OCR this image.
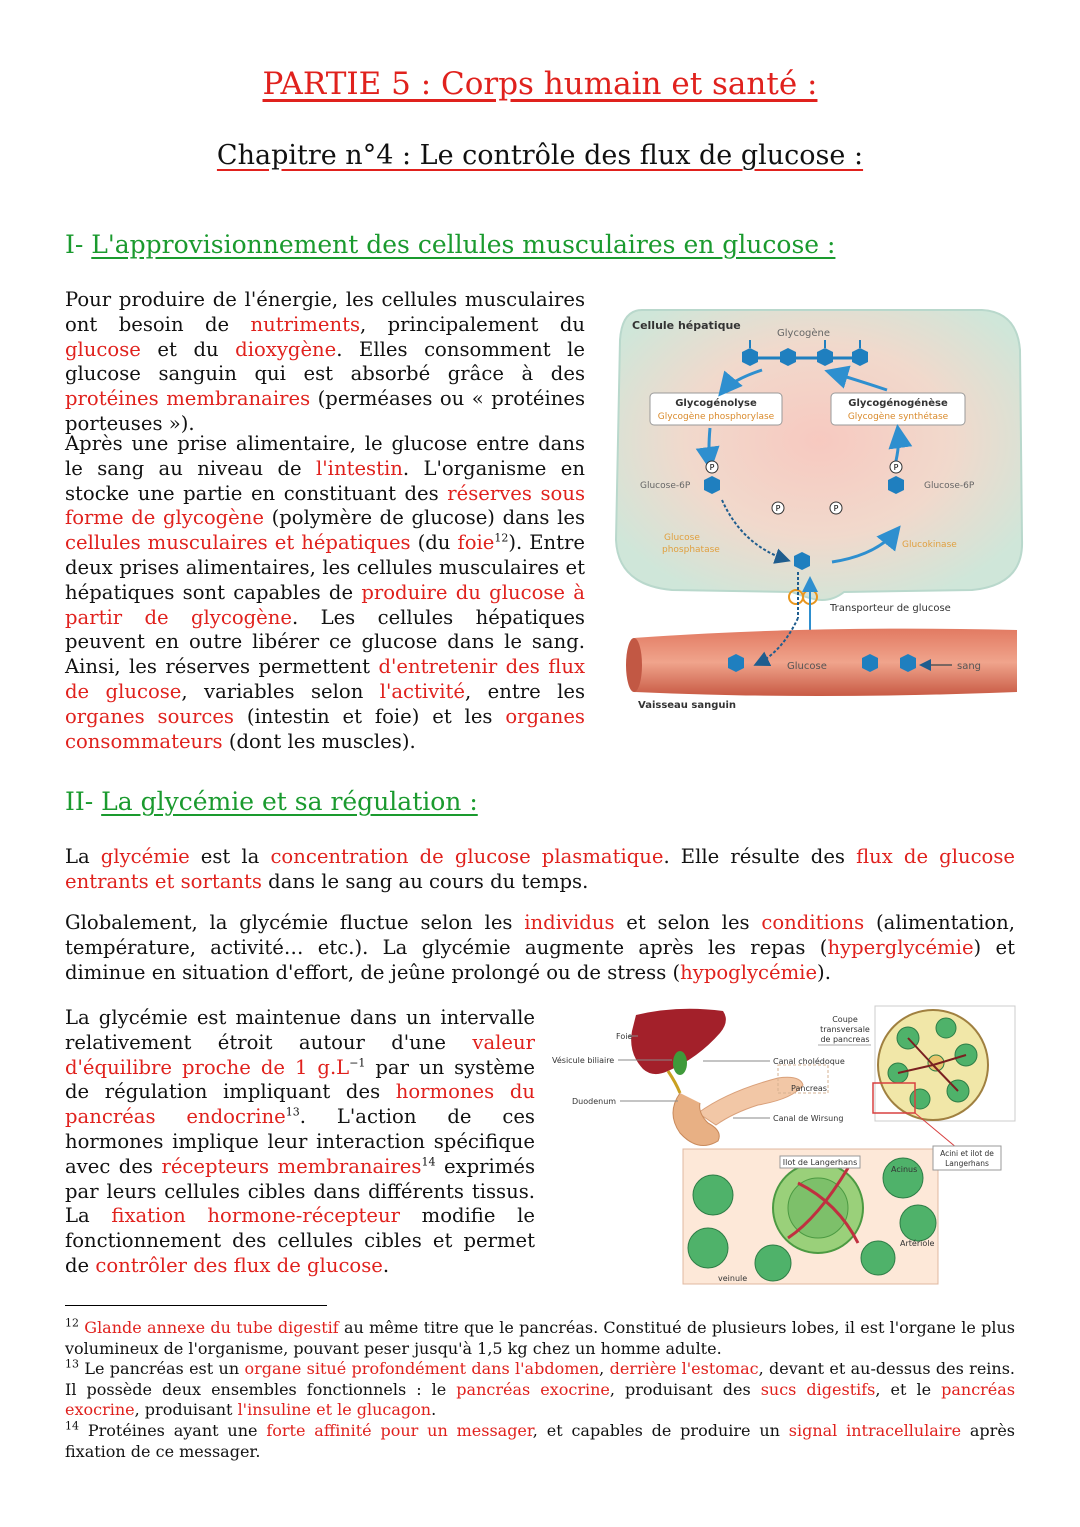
PARTIE 5 : Corps humain et santé :
Chapitre n°4 : Le contrôle des flux de glucose :
I- L'approvisionnement des cellules musculaires en glucose :
Pour produire de l'énergie, les cellules musculaires ont besoin de nutriments, principalement du glucose et du dioxygène. Elles consomment le glucose sanguin qui est absorbé grâce à des protéines membranaires (perméases ou « protéines porteuses »).
Après une prise alimentaire, le glucose entre dans le sang au niveau de l'intestin. L'organisme en stocke une partie en constituant des réserves sous forme de glycogène (polymère de glucose) dans les cellules musculaires et hépatiques (du foie$^{12}$). Entre deux prises alimentaires, les cellules musculaires et hépatiques sont capables de produire du glucose à partir de glycogène. Les cellules hépatiques peuvent en outre libérer ce glucose dans le sang. Ainsi, les réserves permettent d'entretenir des flux de glucose, variables selon l'activité, entre les organes sources (intestin et foie) et les organes consommateurs (dont les muscles).
Cellule hépatique
Glycogène
Glycogénolyse
Glycogène phosphorylase
Glycogénogénèse
Glycogène synthétase
Glucose-6P	Glucose-6P
P	P
P	P
Glucose
phosphatase	Glucokinase
Transporteur de glucose
Glucose	sang
Vaisseau sanguin
II- La glycémie et sa régulation :
La glycémie est la concentration de glucose plasmatique. Elle résulte des flux de glucose entrants et sortants dans le sang au cours du temps.
Globalement, la glycémie fluctue selon les individus et selon les conditions (alimentation, température, activité… etc.). La glycémie augmente après les repas (hyperglycémie) et diminue en situation d'effort, de jeûne prolongé ou de stress (hypoglycémie).
La glycémie est maintenue dans un intervalle relativement étroit autour d'une valeur d'équilibre proche de 1 $g.L^{-1}$ par un système de régulation impliquant des hormones du pancréas endocrine$^{13}$. L'action de ces hormones implique leur interaction spécifique avec des récepteurs membranaires$^{14}$ exprimés par leurs cellules cibles dans différents tissus. La fixation hormone-récepteur modifie le fonctionnement des cellules cibles et permet de contrôler des flux de glucose.
Foie
Vésicule biliaire
Duodenum
Coupe
transversale
de pancreas
Canal cholédoque
Pancreas
Canal de Wirsung
Ilot de Langerhans
Acinus
Acini et ilot de
Langerhans
Artériole
veinule
$^{12}$ Glande annexe du tube digestif au même titre que le pancréas. Constitué de plusieurs lobes, il est l'organe le plus volumineux de l'organisme, pouvant peser jusqu'à 1,5 kg chez un homme adulte.
$^{13}$ Le pancréas est un organe situé profondément dans l'abdomen, derrière l'estomac, devant et au-dessus des reins. Il possède deux ensembles fonctionnels : le pancréas exocrine, produisant des sucs digestifs, et le pancréas exocrine, produisant l'insuline et le glucagon.
$^{14}$ Protéines ayant une forte affinité pour un messager, et capables de produire un signal intracellulaire après fixation de ce messager.
